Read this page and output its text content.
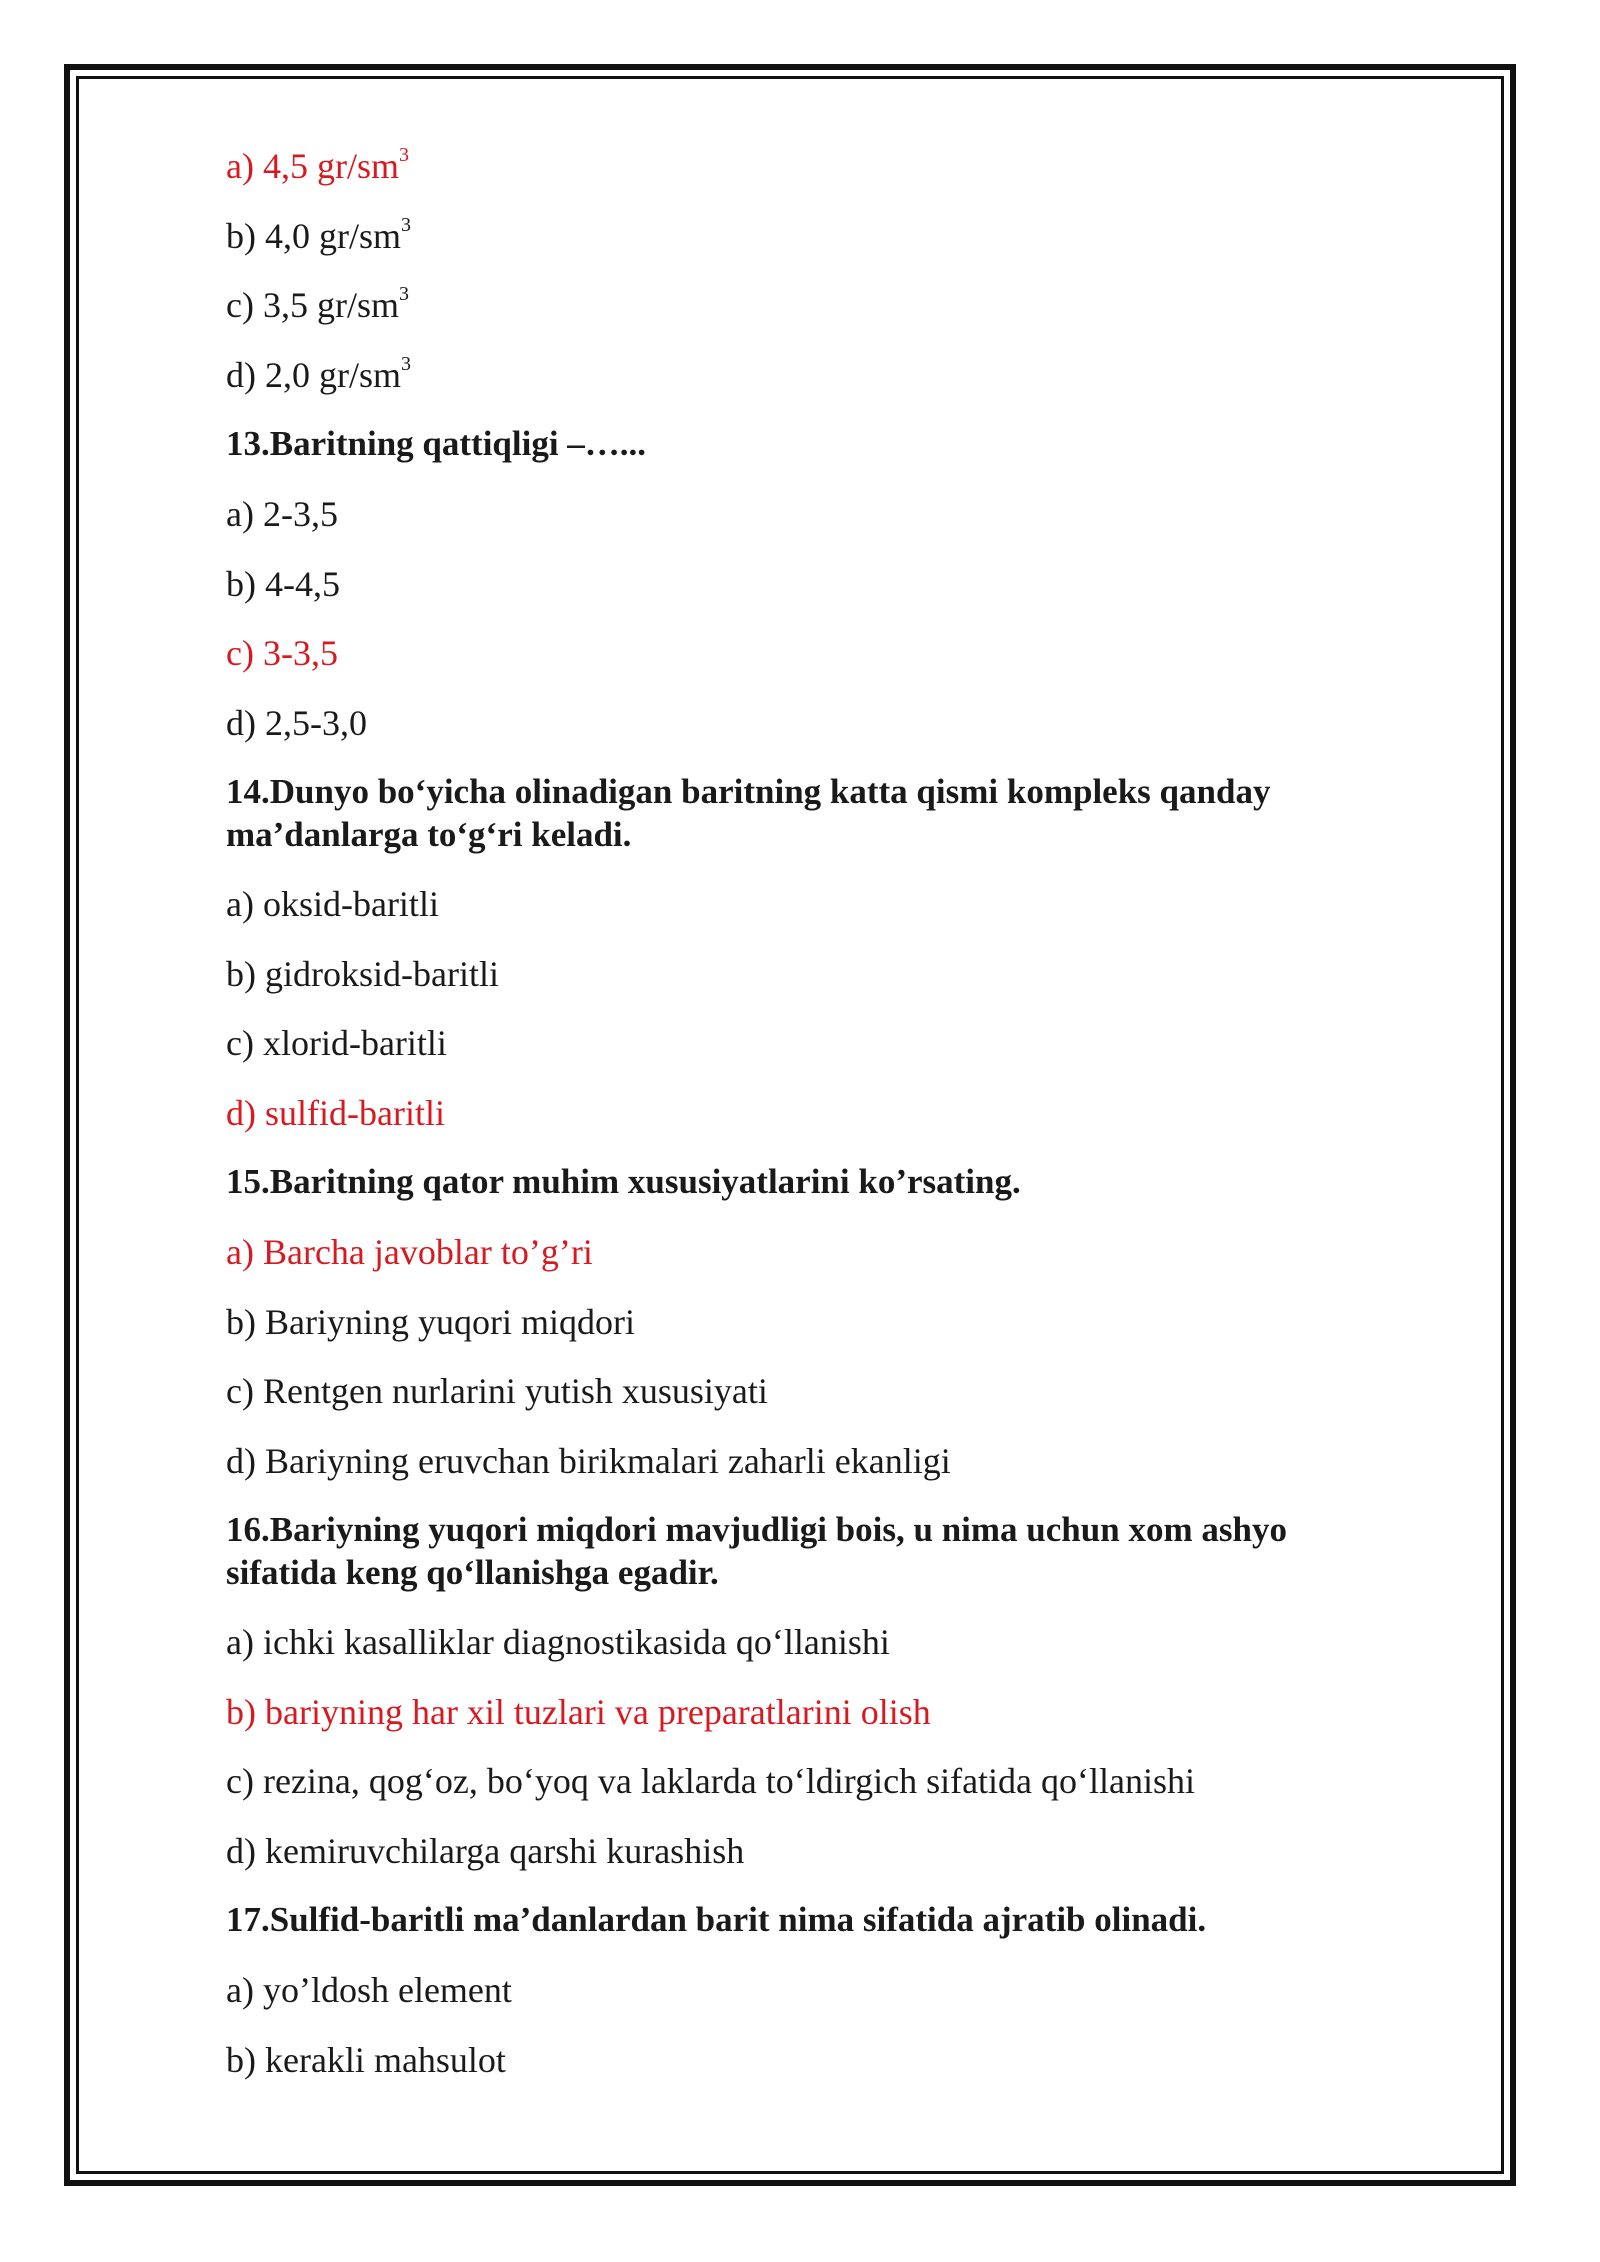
a) 4,5 $gr/sm^3$
b) 4,0 $gr/sm^3$
c) 3,5 $gr/sm^3$
d) 2,0 $gr/sm^3$
13.Baritning qattiqligi –…...
a) 2-3,5
b) 4-4,5
c) 3-3,5
d) 2,5-3,0
14.Dunyo bo‘yicha olinadigan baritning katta qismi kompleks qanday ma’danlarga to‘g‘ri keladi.
a) oksid-baritli
b) gidroksid-baritli
c) xlorid-baritli
d) sulfid-baritli
15.Baritning qator muhim xususiyatlarini ko’rsating.
a) Barcha javoblar to’g’ri
b) Bariyning yuqori miqdori
c) Rentgen nurlarini yutish xususiyati
d) Bariyning eruvchan birikmalari zaharli ekanligi
16.Bariyning yuqori miqdori mavjudligi bois, u nima uchun xom ashyo sifatida keng qo‘llanishga egadir.
a) ichki kasalliklar diagnostikasida qo‘llanishi
b) bariyning har xil tuzlari va preparatlarini olish
c) rezina, qog‘oz, bo‘yoq va laklarda to‘ldirgich sifatida qo‘llanishi
d) kemiruvchilarga qarshi kurashish
17.Sulfid-baritli ma’danlardan barit nima sifatida ajratib olinadi.
a) yo’ldosh element
b) kerakli mahsulot
